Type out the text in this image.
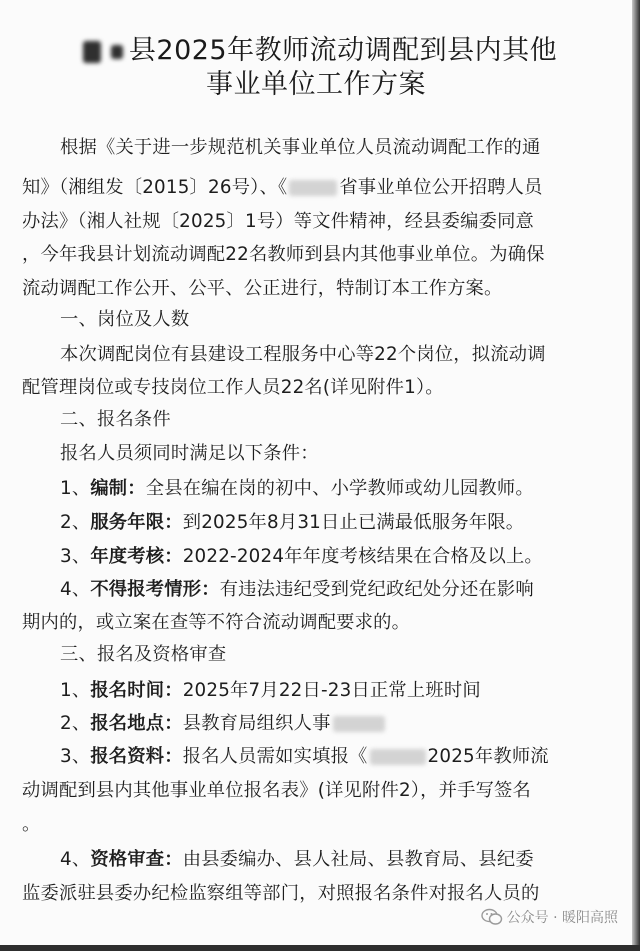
县2025年教师流动调配到县内其他
事业单位工作方案
根据《关于进一步规范机关事业单位人员流动调配工作的通
知》（湘组发〔2015〕26号）、《	省事业单位公开招聘人员
办法》（湘人社规〔2025〕1号）等文件精神，经县委编委同意
，今年我县计划流动调配22名教师到县内其他事业单位。为确保
流动调配工作公开、公平、公正进行，特制订本工作方案。
一、岗位及人数
本次调配岗位有县建设工程服务中心等22个岗位，拟流动调
配管理岗位或专技岗位工作人员22名(详见附件1）。
二、报名条件
报名人员须同时满足以下条件：
1、编制：全县在编在岗的初中、小学教师或幼儿园教师。
2、服务年限：到2025年8月31日止已满最低服务年限。
3、年度考核：2022-2024年年度考核结果在合格及以上。
4、不得报考情形：有违法违纪受到党纪政纪处分还在影响
期内的，或立案在查等不符合流动调配要求的。
三、报名及资格审查
1、报名时间：2025年7月22日-23日正常上班时间
2、报名地点：县教育局组织人事
3、报名资料：报名人员需如实填报《	2025年教师流
动调配到县内其他事业单位报名表》(详见附件2），并手写签名
。
4、资格审查：由县委编办、县人社局、县教育局、县纪委
监委派驻县委办纪检监察组等部门，对照报名条件对报名人员的
公众号 · 暖阳高照
